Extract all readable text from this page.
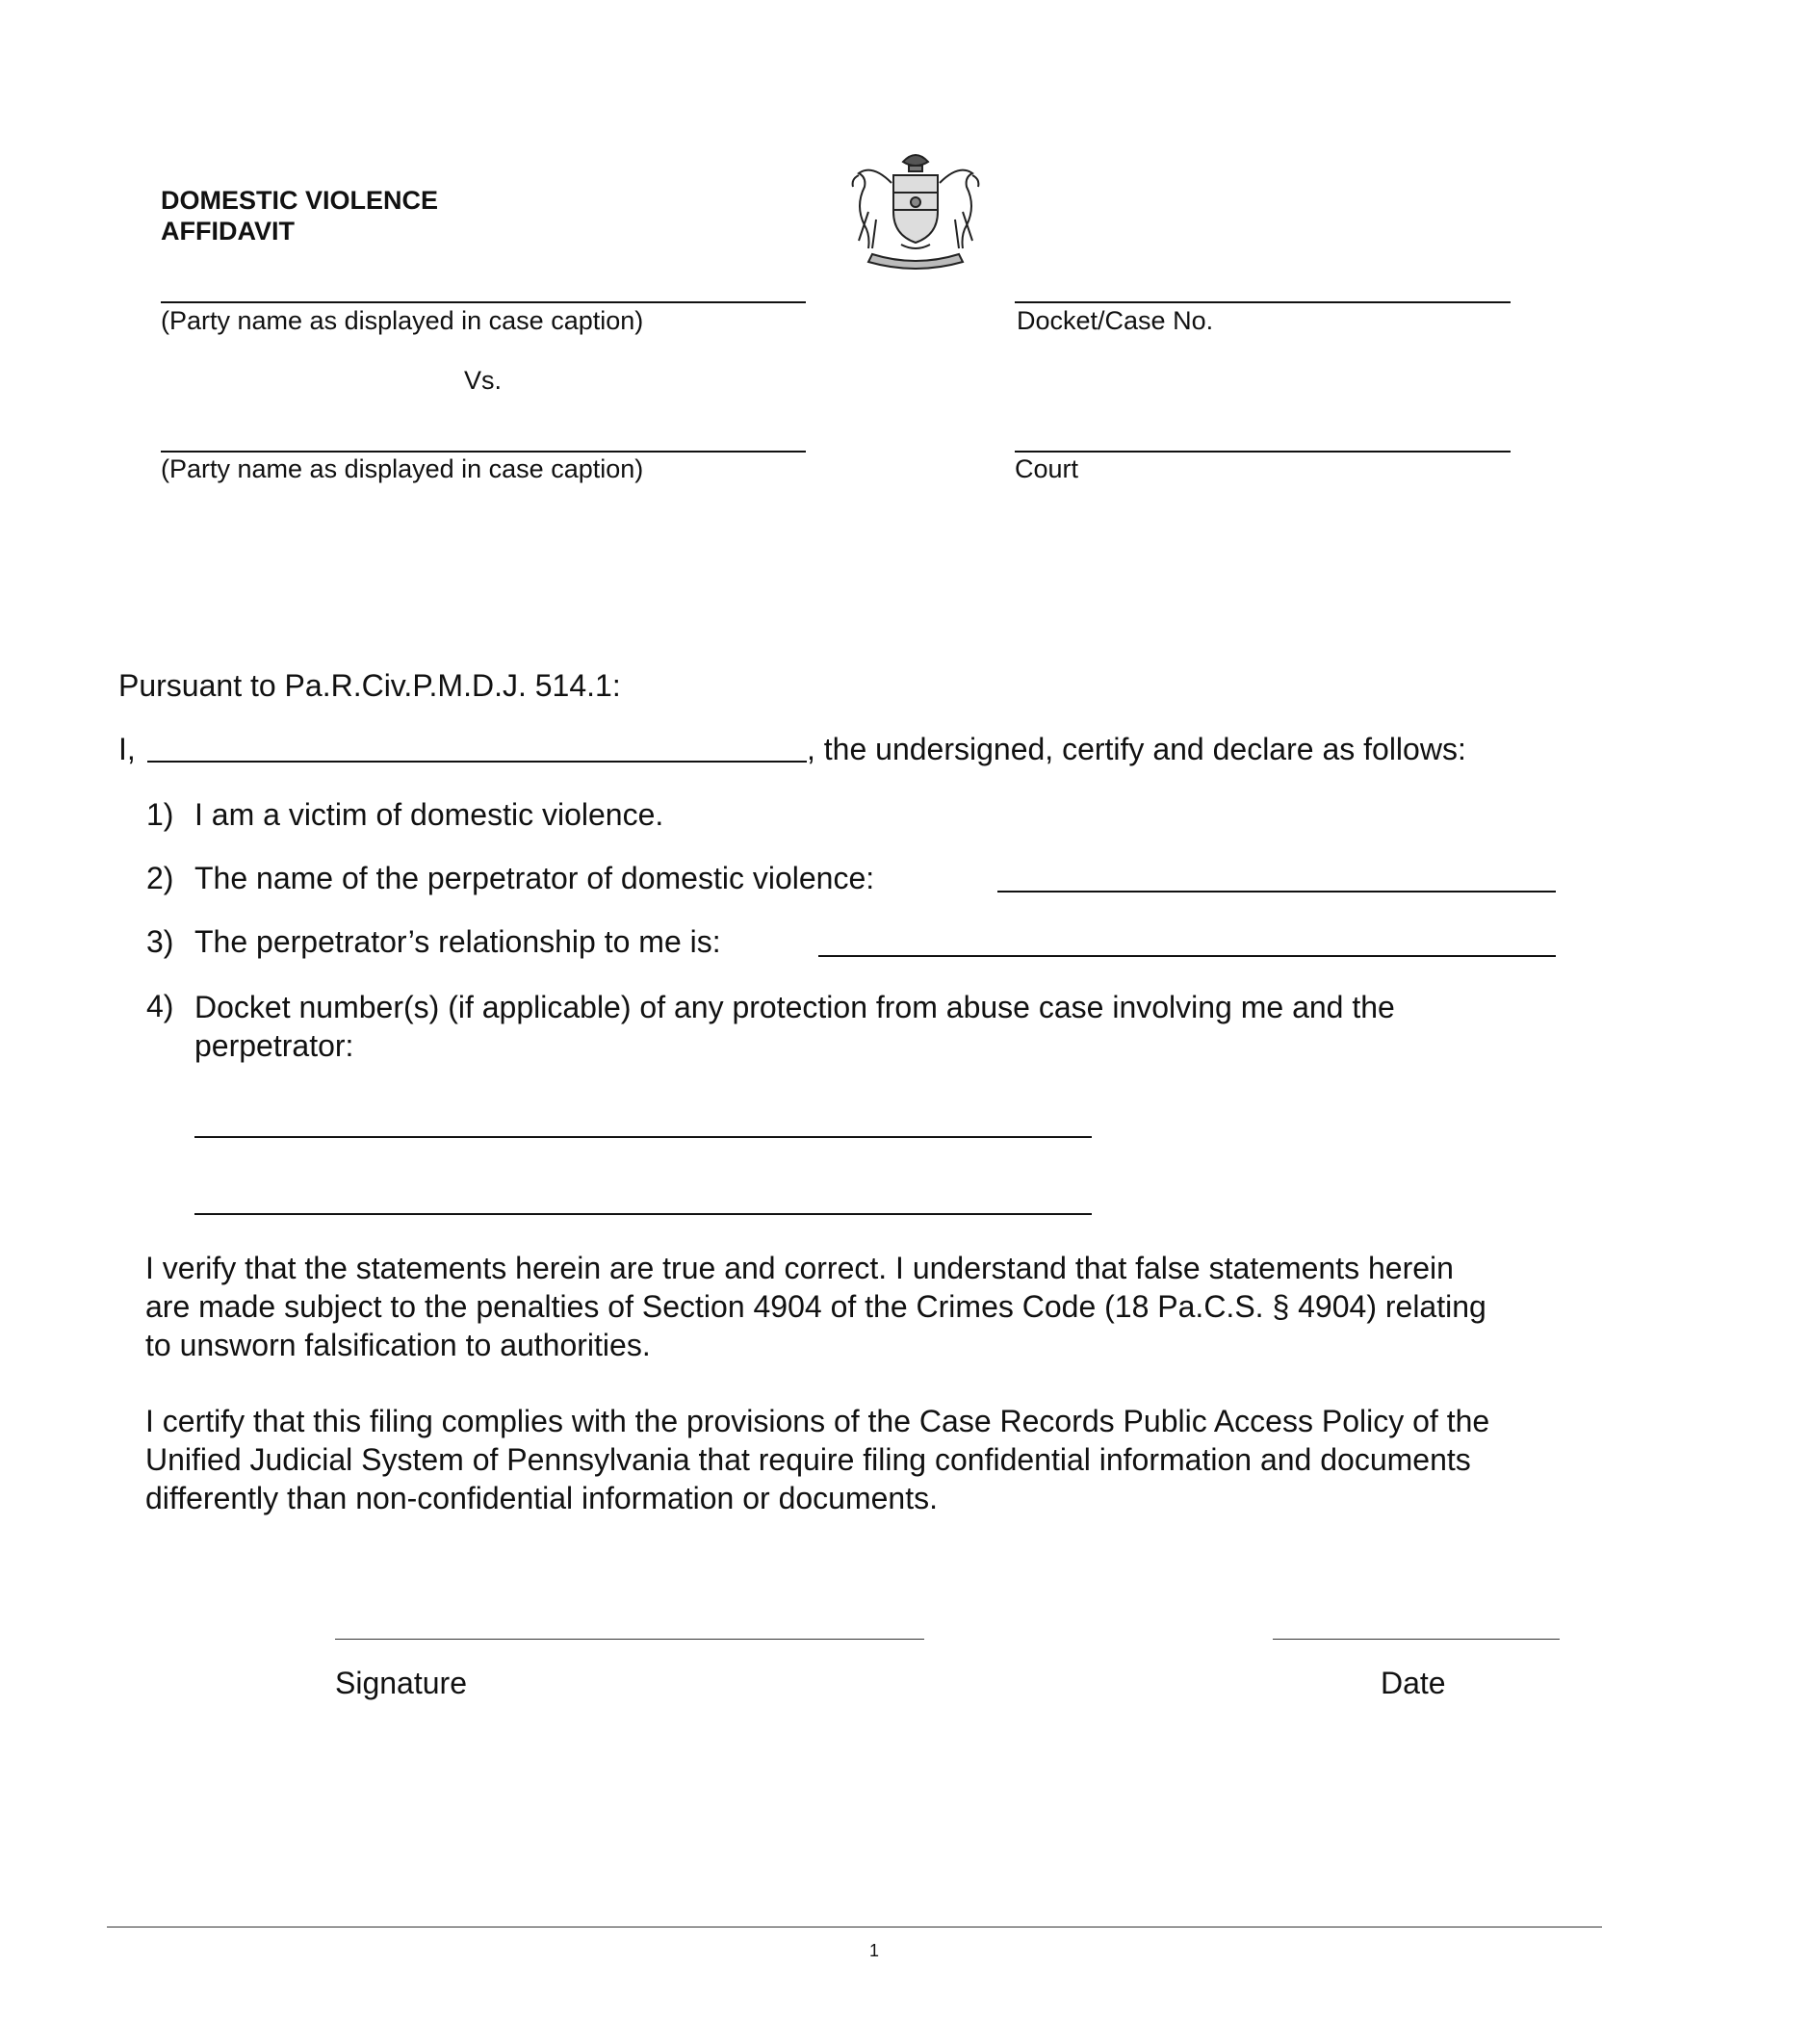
DOMESTIC VIOLENCE
AFFIDAVIT
(Party name as displayed in case caption)	Docket/Case No.
Vs.
(Party name as displayed in case caption)	Court
Pursuant to Pa.R.Civ.P.M.D.J. 514.1:
I,	, the undersigned, certify and declare as follows:
1) I am a victim of domestic violence.
2) The name of the perpetrator of domestic violence:
3) The perpetrator’s relationship to me is:
4) Docket number(s) (if applicable) of any protection from abuse case involving me and the perpetrator:
I verify that the statements herein are true and correct. I understand that false statements herein are made subject to the penalties of Section 4904 of the Crimes Code (18 Pa.C.S. § 4904) relating to unsworn falsification to authorities.
I certify that this filing complies with the provisions of the Case Records Public Access Policy of the Unified Judicial System of Pennsylvania that require filing confidential information and documents differently than non-confidential information or documents.
Signature	Date
1
